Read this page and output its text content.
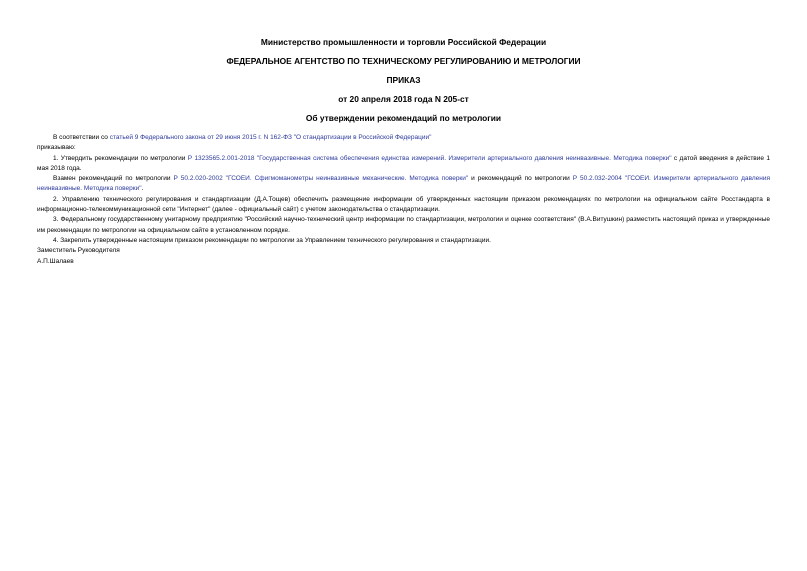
Министерство промышленности и торговли Российской Федерации
ФЕДЕРАЛЬНОЕ АГЕНТСТВО ПО ТЕХНИЧЕСКОМУ РЕГУЛИРОВАНИЮ И МЕТРОЛОГИИ
ПРИКАЗ
от 20 апреля 2018 года N 205-ст
Об утверждении рекомендаций по метрологии

В соответствии со статьей 9 Федерального закона от 29 июня 2015 г. N 162-ФЗ "О стандартизации в Российской Федерации"

приказываю:

1. Утвердить рекомендации по метрологии Р 1323565.2.001-2018 "Государственная система обеспечения единства измерений. Измерители артериального давления неинвазивные. Методика поверки" с датой введения в действие 1 мая 2018 года.

Взамен рекомендаций по метрологии Р 50.2.020-2002 "ГСОЕИ. Сфигмоманометры неинвазивные механические. Методика поверки" и рекомендаций по метрологии Р 50.2.032-2004 "ГСОЕИ. Измерители артериального давления неинвазивные. Методика поверки".

2. Управлению технического регулирования и стандартизации (Д.А.Тощев) обеспечить размещение информации об утвержденных настоящим приказом рекомендациях по метрологии на официальном сайте Росстандарта в информационно-телекоммуникационной сети "Интернет" (далее - официальный сайт) с учетом законодательства о стандартизации.

3. Федеральному государственному унитарному предприятию "Российский научно-технический центр информации по стандартизации, метрологии и оценке соответствия" (В.А.Витушкин) разместить настоящий приказ и утвержденные им рекомендации по метрологии на официальном сайте в установленном порядке.

4. Закрепить утвержденные настоящим приказом рекомендации по метрологии за Управлением технического регулирования и стандартизации.

Заместитель Руководителя

А.П.Шалаев
